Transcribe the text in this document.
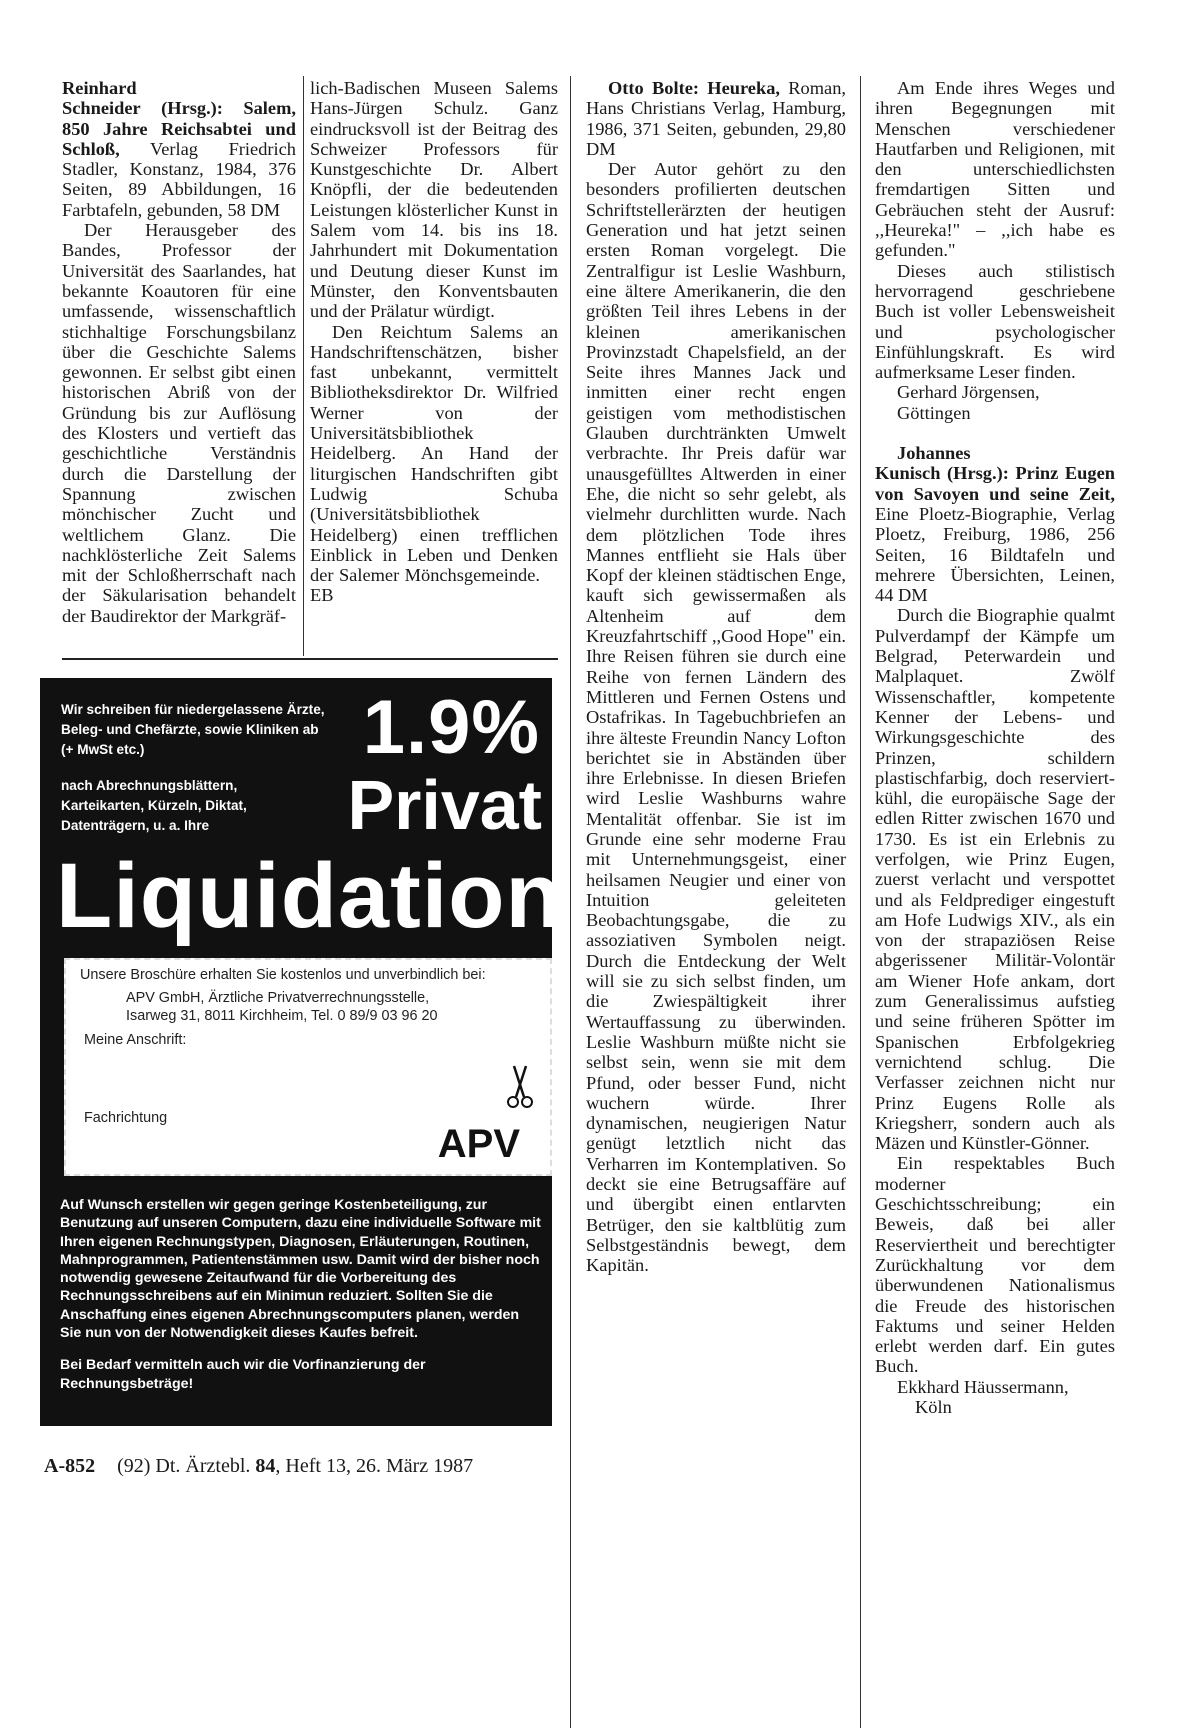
Reinhard  Schneider (Hrsg.): Salem, 850 Jahre Reichsabtei und Schloß, Verlag Friedrich Stadler, Konstanz, 1984, 376 Seiten, 89 Abbildungen, 16 Farbtafeln, gebunden, 58 DM

Der Herausgeber des Bandes, Professor der Universität des Saarlandes, hat bekannte Koautoren für eine umfassende, wissenschaftlich stichhaltige Forschungsbilanz über die Geschichte Salems gewonnen. Er selbst gibt einen historischen Abriß von der Gründung bis zur Auflösung des Klosters und vertieft das geschichtliche Verständnis durch die Darstellung der Spannung zwischen mönchischer Zucht und weltlichem Glanz. Die nachklösterliche Zeit Salems mit der Schloßherrschaft nach der Säkularisation behandelt der Baudirektor der Markgräf-

lich-Badischen Museen Salems Hans-Jürgen Schulz. Ganz eindrucksvoll ist der Beitrag des Schweizer Professors für Kunstgeschichte Dr. Albert Knöpfli, der die bedeutenden Leistungen klösterlicher Kunst in Salem vom 14. bis ins 18. Jahrhundert mit Dokumentation und Deutung dieser Kunst im Münster, den Konventsbauten und der Prälatur würdigt.

Den Reichtum Salems an Handschriftenschätzen, bisher fast unbekannt, vermittelt Bibliotheksdirektor Dr. Wilfried Werner von der Universitätsbibliothek Heidelberg. An Hand der liturgischen Handschriften gibt Ludwig Schuba (Universitätsbibliothek Heidelberg) einen trefflichen Einblick in Leben und Denken der Salemer Mönchsgemeinde.EB

Otto Bolte: Heureka, Roman, Hans Christians Verlag, Hamburg, 1986, 371 Seiten, gebunden, 29,80 DM

Der Autor gehört zu den besonders profilierten deutschen Schriftstellerärzten der heutigen Generation und hat jetzt seinen ersten Roman vorgelegt. Die Zentralfigur ist Leslie Washburn, eine ältere Amerikanerin, die den größten Teil ihres Lebens in der kleinen amerikanischen Provinzstadt Chapelsfield, an der Seite ihres Mannes Jack und inmitten einer recht engen geistigen vom methodistischen Glauben durchtränkten Umwelt verbrachte. Ihr Preis dafür war unausgefülltes Altwerden in einer Ehe, die nicht so sehr gelebt, als vielmehr durchlitten wurde. Nach dem plötzlichen Tode ihres Mannes entflieht sie Hals über Kopf der kleinen städtischen Enge, kauft sich gewissermaßen als Altenheim auf dem Kreuzfahrtschiff ,,Good Hope" ein. Ihre Reisen führen sie durch eine Reihe von fernen Ländern des Mittleren und Fernen Ostens und Ostafrikas. In Tagebuchbriefen an ihre älteste Freundin Nancy Lofton berichtet sie in Abständen über ihre Erlebnisse. In diesen Briefen wird Leslie Washburns wahre Mentalität offenbar. Sie ist im Grunde eine sehr moderne Frau mit Unternehmungsgeist, einer heilsamen Neugier und einer von Intuition geleiteten Beobachtungsgabe, die zu assoziativen Symbolen neigt. Durch die Entdeckung der Welt will sie zu sich selbst finden, um die Zwiespältigkeit ihrer Wertauffassung zu überwinden. Leslie Washburn müßte nicht sie selbst sein, wenn sie mit dem Pfund, oder besser Fund, nicht wuchern würde. Ihrer dynamischen, neugierigen Natur genügt letztlich nicht das Verharren im Kontemplativen. So deckt sie eine Betrugsaffäre auf und übergibt einen entlarvten Betrüger, den sie kaltblütig zum Selbstgeständnis bewegt, dem Kapitän.

Am Ende ihres Weges und ihren Begegnungen mit Menschen verschiedener Hautfarben und Religionen, mit den unterschiedlichsten fremdartigen Sitten und Gebräuchen steht der Ausruf: ,,Heureka!" – ,,ich habe es gefunden."

Dieses auch stilistisch hervorragend geschriebene Buch ist voller Lebensweisheit und psychologischer Einfühlungskraft. Es wird aufmerksame Leser finden.

Gerhard Jörgensen,

Göttingen

Johannes  Kunisch (Hrsg.): Prinz Eugen von Savoyen und seine Zeit, Eine Ploetz-Biographie, Verlag Ploetz, Freiburg, 1986, 256 Seiten, 16 Bildtafeln und mehrere Übersichten, Leinen, 44 DM

Durch die Biographie qualmt Pulverdampf der Kämpfe um Belgrad, Peterwardein und Malplaquet. Zwölf Wissenschaftler, kompetente Kenner der Lebens- und Wirkungsgeschichte des Prinzen, schildern plastischfarbig, doch reserviert-kühl, die europäische Sage der edlen Ritter zwischen 1670 und 1730. Es ist ein Erlebnis zu verfolgen, wie Prinz Eugen, zuerst verlacht und verspottet und als Feldprediger eingestuft am Hofe Ludwigs XIV., als ein von der strapaziösen Reise abgerissener Militär-Volontär am Wiener Hofe ankam, dort zum Generalissimus aufstieg und seine früheren Spötter im Spanischen Erbfolgekrieg vernichtend schlug. Die Verfasser zeichnen nicht nur Prinz Eugens Rolle als Kriegsherr, sondern auch als Mäzen und Künstler-Gönner.

Ein respektables Buch moderner Geschichtsschreibung; ein Beweis, daß bei aller Reserviertheit und berechtigter Zurückhaltung vor dem überwundenen Nationalismus die Freude des historischen Faktums und seiner Helden erlebt werden darf. Ein gutes Buch.

Ekkhard Häussermann,

Köln

Wir schreiben für niedergelassene Ärzte,
Beleg- und Chefärzte, sowie Kliniken ab
(+ MwSt etc.)
nach Abrechnungsblättern,
Karteikarten, Kürzeln, Diktat,
Datenträgern, u. a. Ihre
1.9%
Privat
Liquidation
Unsere Broschüre erhalten Sie kostenlos und unverbindlich bei:
APV GmbH, Ärztliche Privatverrechnungsstelle,
Isarweg 31, 8011 Kirchheim, Tel. 0 89/9 03 96 20
Meine Anschrift:
Fachrichtung
APV

Auf Wunsch erstellen wir gegen geringe Kostenbeteiligung, zur Benutzung auf unseren Computern, dazu eine individuelle Software mit Ihren eigenen Rechnungstypen, Diagnosen, Erläuterungen, Routinen, Mahnprogrammen, Patientenstämmen usw. Damit wird der bisher noch notwendig gewesene Zeitaufwand für die Vorbereitung des Rechnungsschreibens auf ein Minimun reduziert. Sollten Sie die Anschaffung eines eigenen Abrechnungscomputers planen, werden Sie nun von der Notwendigkeit dieses Kaufes befreit.

Bei Bedarf vermitteln auch wir die Vorfinanzierung der Rechnungsbeträge!

A-852 (92) Dt. Ärztebl. 84, Heft 13, 26. März 1987
